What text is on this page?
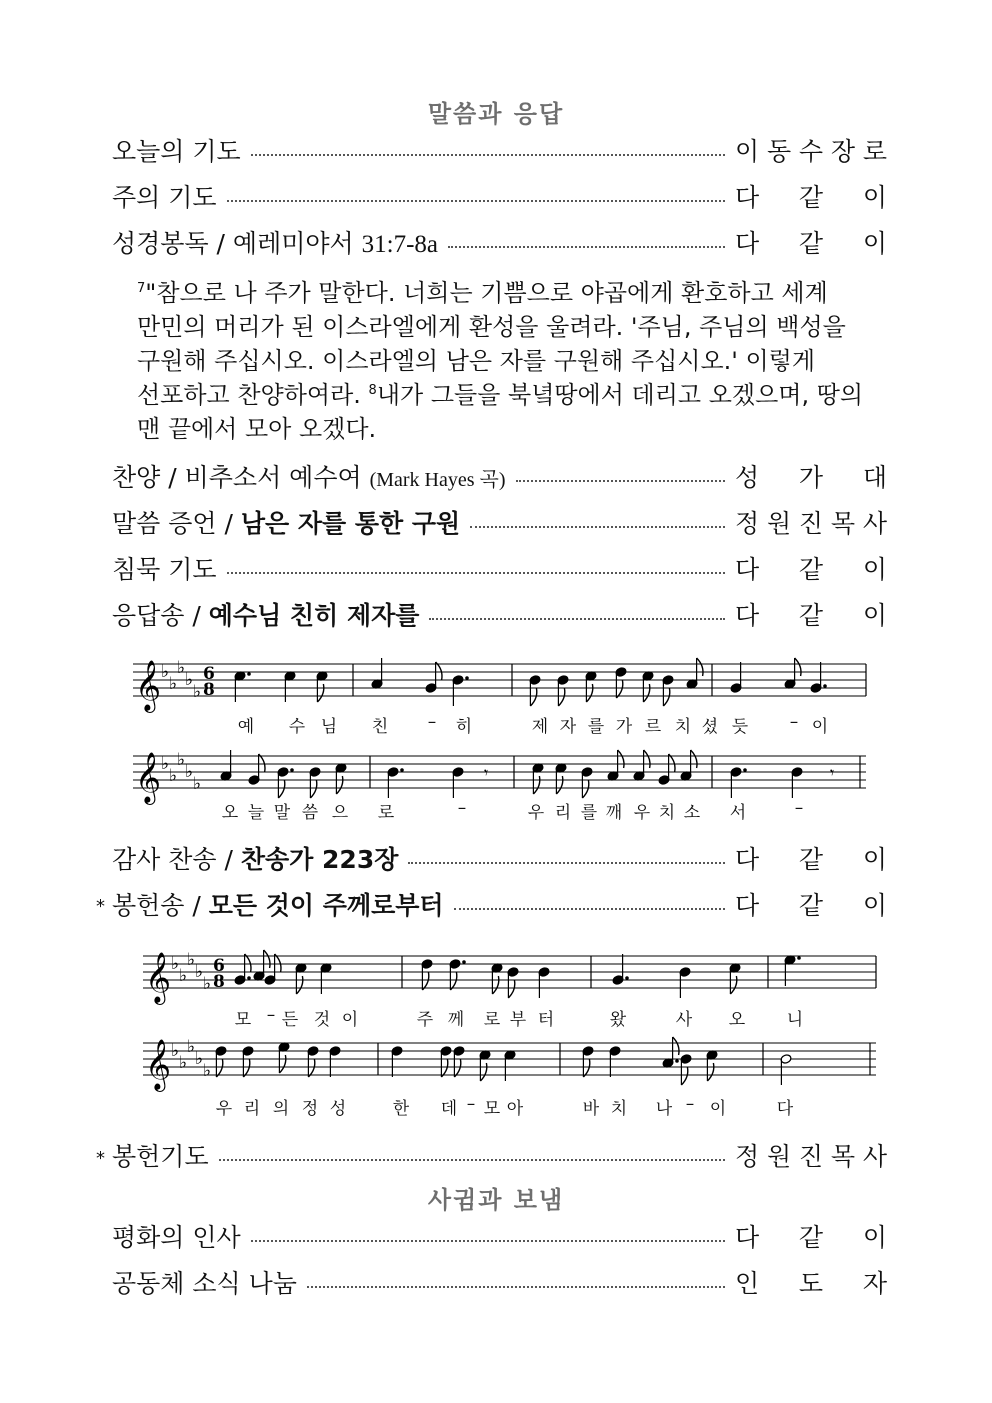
말씀과 응답
오늘의 기도	이 동 수 장 로
주의 기도	다 같 이
성경봉독 / 예레미야서 31:7-8a	다 같 이
$^7$"참으로 나 주가 말한다. 너희는 기쁨으로 야곱에게 환호하고 세계
만민의 머리가 된 이스라엘에게 환성을 울려라. '주님, 주님의 백성을
구원해 주십시오. 이스라엘의 남은 자를 구원해 주십시오.' 이렇게
선포하고 찬양하여라. $^8$내가 그들을 북녘땅에서 데리고 오겠으며, 땅의
맨 끝에서 모아 오겠다.
찬양 / 비추소서 예수여 (Mark Hayes 곡)	성 가 대
말씀 증언 / 남은 자를 통한 구원	정 원 진 목 사
침묵 기도	다 같 이
응답송 / 예수님 친히 제자를	다 같 이
𝄞 ♭
♭
♭
♭
♭
6
8
𝄞 ♭
♭
♭
♭
♭
𝄾	𝄾
𝄞 ♭
♭
♭
♭
♭
6
8
𝄞 ♭
♭
♭
♭
♭
예 수 님 친 – 히	제 자 를 가 르 치 셨 듯 – 이
오 늘 말 씀 으 로	–	우 리 를 깨 우 치 소 서	–
감사 찬송 / 찬송가 223장	다 같 이
* 봉헌송 / 모든 것이 주께로부터	다 같 이
모 – 든 것 이	주 께 로 부 터	왔	사 오 니
우 리 의 정 성	한 데 – 모 아	바 치 나 – 이	다
* 봉헌기도	정 원 진 목 사
사귐과 보냄
평화의 인사	다 같 이
공동체 소식 나눔	인 도 자
